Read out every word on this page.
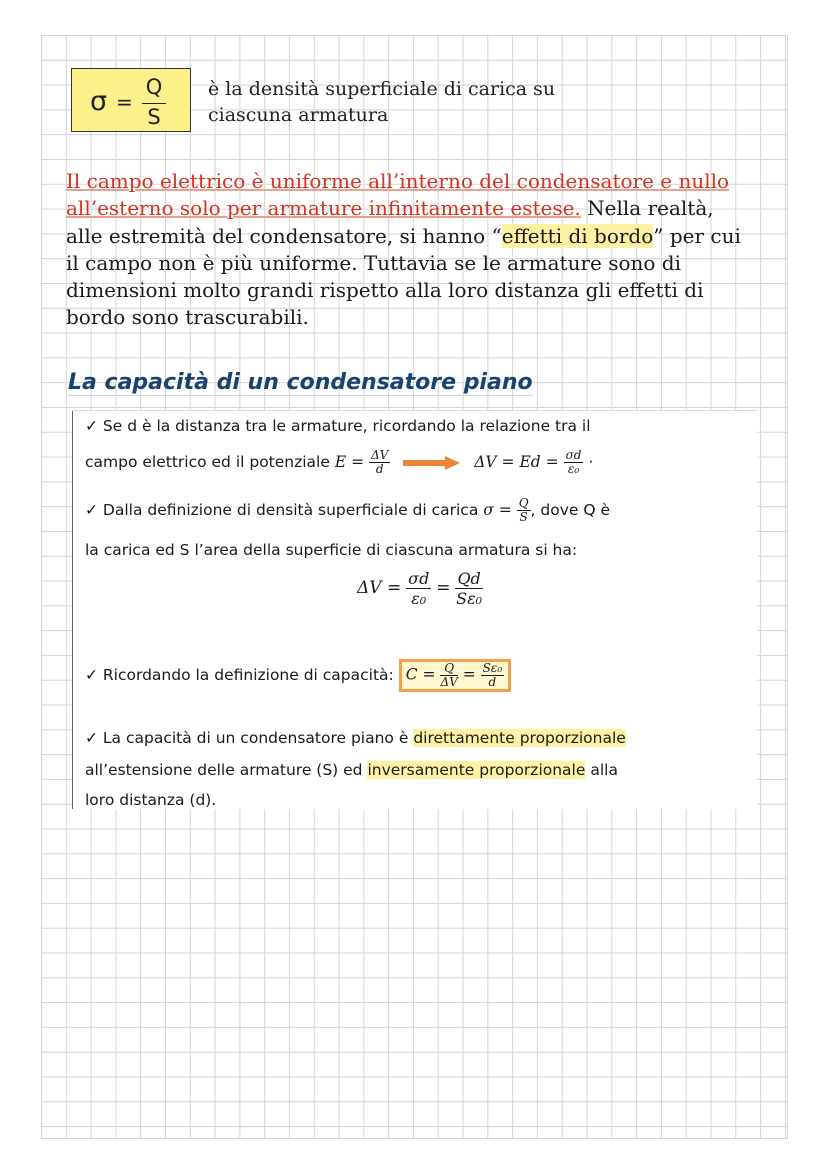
σ =
Q
S
è la densità superficiale di carica su ciascuna armatura
Il campo elettrico è uniforme all’interno del condensatore e nullo all’esterno solo per armature infinitamente estese. Nella realtà, alle estremità del condensatore, si hanno “effetti di bordo” per cui il campo non è più uniforme. Tuttavia se le armature sono di dimensioni molto grandi rispetto alla loro distanza gli effetti di bordo sono trascurabili.
La capacità di un condensatore piano
✓ Se d è la distanza tra le armature, ricordando la relazione tra il
campo elettrico ed il potenziale $E = \frac{\Delta V}{d}$
	$\Delta V = Ed = \frac{\sigma d}{\text{ε₀}}$ ·
✓ Dalla definizione di densità superficiale di carica $\sigma = \frac{Q}{S}$ , dove Q è
la carica ed S l’area della superficie di ciascuna armatura si ha:
$\Delta V = \frac{\sigma d}{\text{ε₀}} = \frac{Qd}{\text{Sε₀}}$
✓ Ricordando la definizione di capacità: $C = \frac{Q}{\Delta V} = \frac{\text{Sε₀}}{d}$
✓ La capacità di un condensatore piano è direttamente proporzionale
all’estensione delle armature (S) ed inversamente proporzionale alla
loro distanza (d).
